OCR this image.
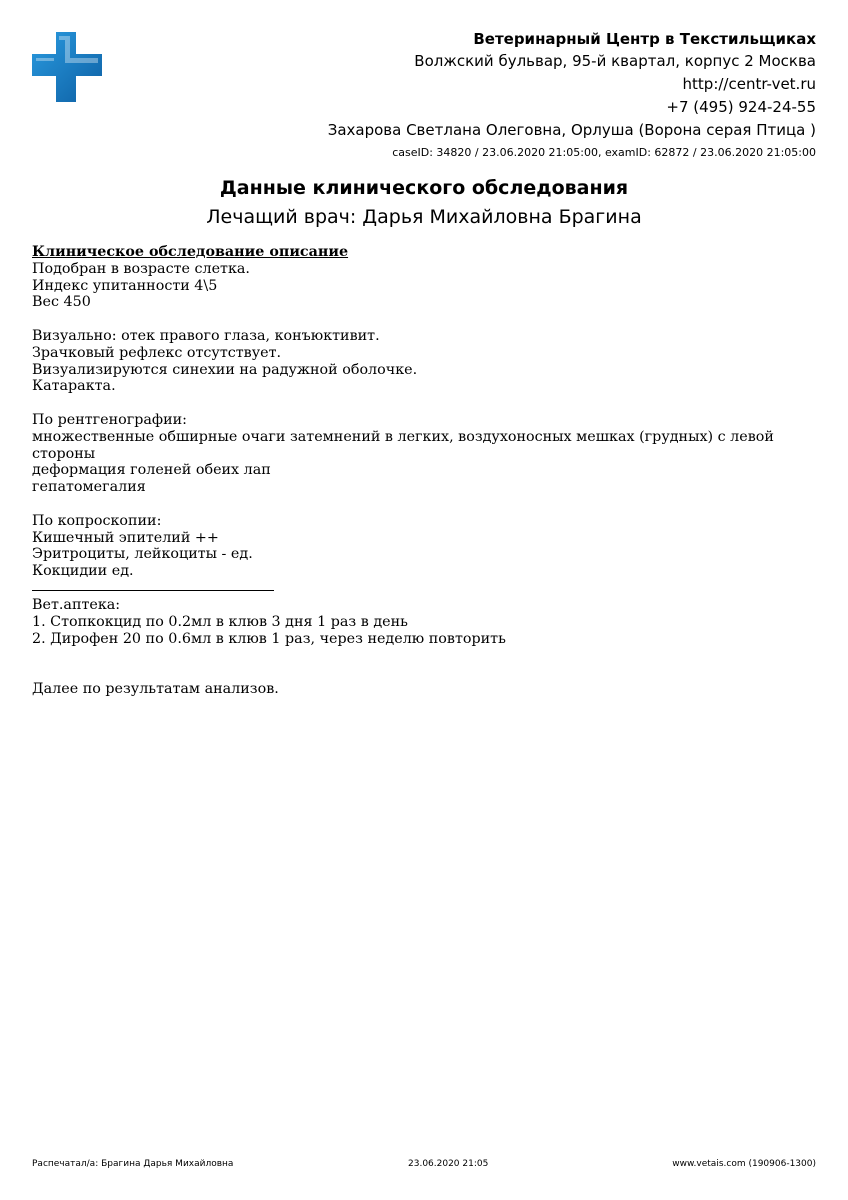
Ветеринарный Центр в Текстильщиках
Волжский бульвар, 95-й квартал, корпус 2 Москва
http://centr-vet.ru
+7 (495) 924-24-55
Захарова Светлана Олеговна, Орлуша (Ворона серая Птица )
caseID: 34820 / 23.06.2020 21:05:00, examID: 62872 / 23.06.2020 21:05:00
Данные клинического обследования
Лечащий врач: Дарья Михайловна Брагина
Клиническое обследование описание
Подобран в возрасте слетка.
Индекс упитанности 4\5
Вес 450
Визуально: отек правого глаза, конъюктивит.
Зрачковый рефлекс отсутствует.
Визуализируются синехии на радужной оболочке.
Катаракта.
По рентгенографии:
множественные обширные очаги затемнений в легких, воздухоносных мешках (грудных) с левой
стороны
деформация голеней обеих лап
гепатомегалия
По копроскопии:
Кишечный эпителий ++
Эритроциты, лейкоциты - ед.
Кокцидии ед.
Вет.аптека:
1. Стопкокцид по 0.2мл в клюв 3 дня 1 раз в день
2. Дирофен 20 по 0.6мл в клюв 1 раз, через неделю повторить
Далее по результатам анализов.
Распечатал/а: Брагина Дарья Михайловна	23.06.2020 21:05	www.vetais.com (190906-1300)
